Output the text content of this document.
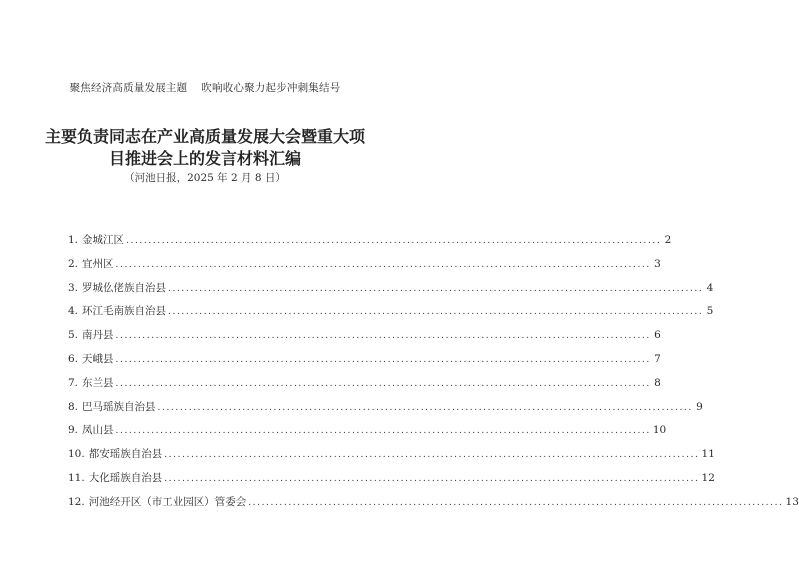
聚焦经济高质量发展主题 吹响收心聚力起步冲刺集结号
主要负责同志在产业高质量发展大会暨重大项
目推进会上的发言材料汇编
（河池日报，2025 年 2 月 8 日）
1. 金城江区 ........................................................................................................................ 2
2. 宜州区 ........................................................................................................................ 3
3. 罗城仫佬族自治县 ........................................................................................................................ 4
4. 环江毛南族自治县 ........................................................................................................................ 5
5. 南丹县 ........................................................................................................................ 6
6. 天峨县 ........................................................................................................................ 7
7. 东兰县 ........................................................................................................................ 8
8. 巴马瑶族自治县 ........................................................................................................................ 9
9. 凤山县 ........................................................................................................................ 10
10. 都安瑶族自治县 ........................................................................................................................ 11
11. 大化瑶族自治县 ........................................................................................................................ 12
12. 河池经开区（市工业园区）管委会 ........................................................................................................................ 13
